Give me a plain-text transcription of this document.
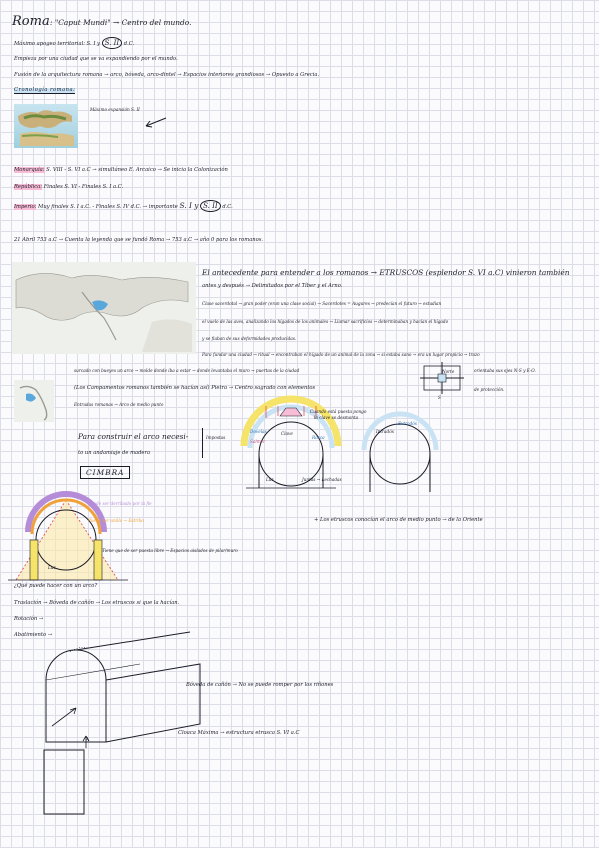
Roma : "Caput Mundi" → Centro del mundo.
Máximo apogeo territorial: S. I y S. II d.C.
Empieza por una ciudad que se va expandiendo por el mundo.
Fusión de la arquitectura romana → arco, bóveda, arco-dintel → Espacios interiores grandiosos → Opuesto a Grecia.
Cronología romana:
Máximo expansión S. II
Monarquía: S. VIII - S. VI a.C → simultáneo E. Arcaico → Se inicia la Colonización
República: Finales S. VI - Finales S. I a.C.
Imperio: Muy finales S. I a.C. - Finales S. IV d.C. → importante S. I y S. II d.C.
21 Abril 753 a.C → Cuenta la leyenda que se fundó Roma → 753 a.C → año 0 para los romanos.
El antecedente para entender a los romanos → ETRUSCOS (esplendor S. VI a.C) vinieron también
antes y después → Delimitados por el Tíber y el Arno.
Clase sacerdotal → gran poder (eran una clase social) → Sacerdotes = Augures → predecían el futuro → estudian
el vuelo de las aves, analizando los hígados de los animales → Llamar sacrificios → determinaban y hacían el hígado
y se fiaban de sus deformidades producidas.
Para fundar una ciudad → ritual → encontraban el hígado de un animal de la zona → si estaba sano → era un lugar propicio → trazo
surcado con bueyes un arco → molde donde iba a estar → donde levantaba el muro → puertas de la ciudad	orientaba sus ejes N-S y E-O.
(Los Campamentos romanos también se hacían así) Pietra → Centro sagrado con elementos	de protección.
Entradas romanas → Arco de medio punto
Norte
S
Para construir el arco necesi-
to un andamiaje de madera
CIMBRA
Impostas
Dovelas	Clave
Salmer
Rosca
Luz
Cuando está puesta pongo
la clave se desmonta
Juntas → Lechadas
Intradós
Extradós
Puede ser derribado por la fle
Puede ser anillo → Estribo
Luz
+ Los etruscos conocían el arco de medio punto → de la Oriente
Tiene que de ser puesta libre → Espacios aislados de pilar/muro
¿Qué puede hacer con un arco?
Traslación → Bóveda de cañón → Los etruscos si que la hacían.
Rotación →
Abatimiento →
Bóveda de cañón → No se puede romper por los riñones
A
Cloaca Máxima → estructura etrusca S. VI a.C
